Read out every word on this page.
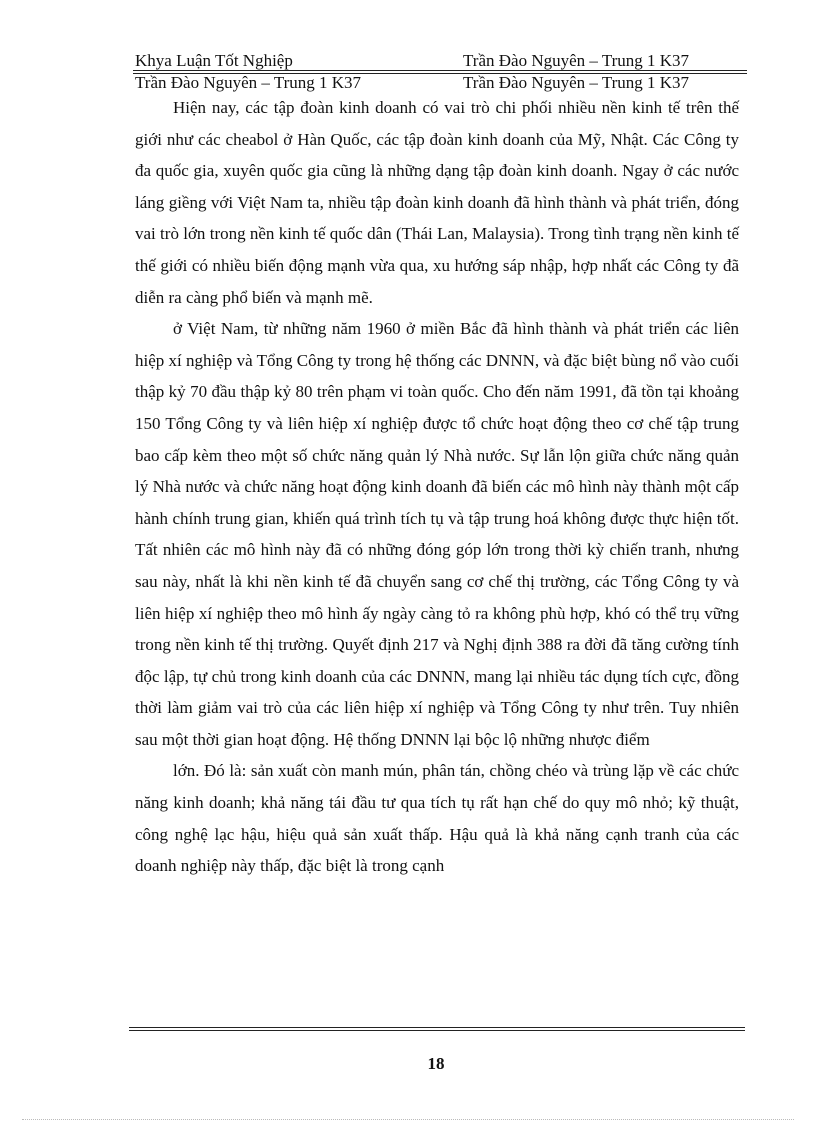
Khya Luận Tốt Nghiệp	Trần Đào Nguyên – Trung 1 K37
Trần Đào Nguyên – Trung 1 K37	Trần Đào Nguyên – Trung 1 K37

Hiện nay, các tập đoàn kinh doanh có vai trò chi phối nhiều nền kinh tế trên thế giới như các cheabol ở Hàn Quốc, các tập đoàn kinh doanh của Mỹ, Nhật. Các Công ty đa quốc gia, xuyên quốc gia cũng là những dạng tập đoàn kinh doanh. Ngay ở các nước láng giềng với Việt Nam ta, nhiều tập đoàn kinh doanh đã hình thành và phát triển, đóng vai trò lớn trong nền kinh tế quốc dân (Thái Lan, Malaysia). Trong tình trạng nền kinh tế thế giới có nhiều biến động mạnh vừa qua, xu hướng sáp nhập, hợp nhất các Công ty đã diễn ra càng phổ biến và mạnh mẽ.

ở Việt Nam, từ những năm 1960 ở miền Bắc đã hình thành và phát triển các liên hiệp xí nghiệp và Tổng Công ty trong hệ thống các DNNN, và đặc biệt bùng nổ vào cuối thập kỷ 70 đầu thập kỷ 80 trên phạm vi toàn quốc. Cho đến năm 1991, đã tồn tại khoảng 150 Tổng Công ty và liên hiệp xí nghiệp được tổ chức hoạt động theo cơ chế tập trung bao cấp kèm theo một số chức năng quản lý Nhà nước. Sự lẫn lộn giữa chức năng quản lý Nhà nước và chức năng hoạt động kinh doanh đã biến các mô hình này thành một cấp hành chính trung gian, khiến quá trình tích tụ và tập trung hoá không được thực hiện tốt. Tất nhiên các mô hình này đã có những đóng góp lớn trong thời kỳ chiến tranh, nhưng sau này, nhất là khi nền kinh tế đã chuyển sang cơ chế thị trường, các Tổng Công ty và liên hiệp xí nghiệp theo mô hình ấy ngày càng tỏ ra không phù hợp, khó có thể trụ vững trong nền kinh tế thị trường. Quyết định 217 và Nghị định 388 ra đời đã tăng cường tính độc lập, tự chủ trong kinh doanh của các DNNN, mang lại nhiều tác dụng tích cực, đồng thời làm giảm vai trò của các liên hiệp xí nghiệp và Tổng Công ty như trên. Tuy nhiên sau một thời gian hoạt động. Hệ thống DNNN lại bộc lộ những nhược điểm

lớn. Đó là: sản xuất còn manh mún, phân tán, chồng chéo và trùng lặp về các chức năng kinh doanh; khả năng tái đầu tư qua tích tụ rất hạn chế do quy mô nhỏ; kỹ thuật, công nghệ lạc hậu, hiệu quả sản xuất thấp. Hậu quả là khả năng cạnh tranh của các doanh nghiệp này thấp, đặc biệt là trong cạnh

18
